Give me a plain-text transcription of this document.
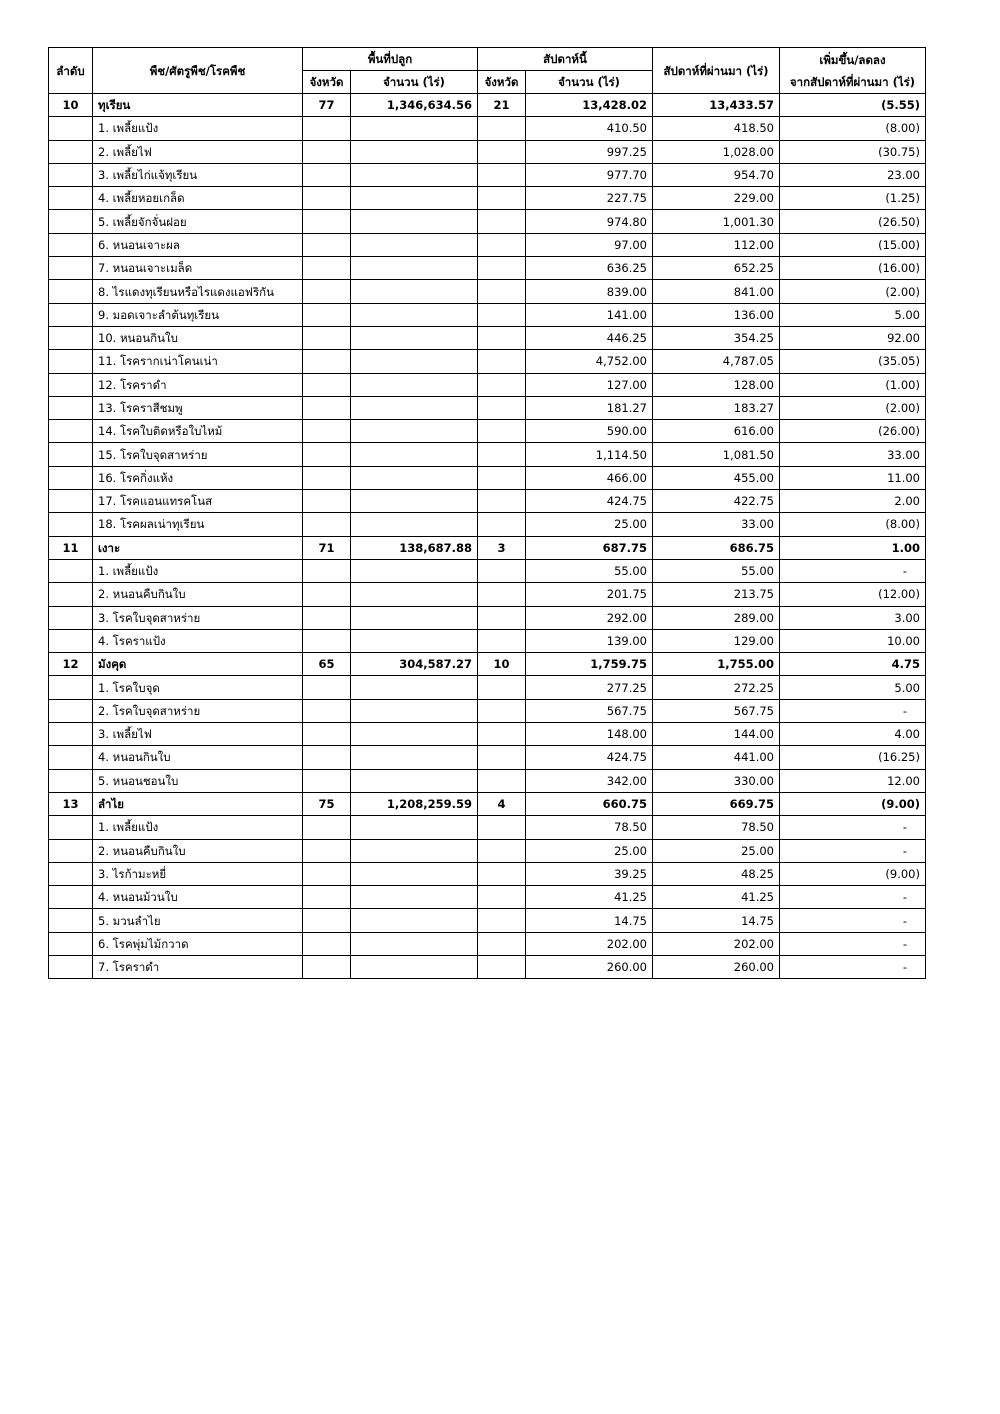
ลำดับ	พืช/ศัตรูพืช/โรคพืช	พื้นที่ปลูก		สัปดาห์นี้		สัปดาห์ที่ผ่านมา (ไร่)	เพิ่มขึ้น/ลดลง
จากสัปดาห์ที่ผ่านมา (ไร่)

		จังหวัด	จำนวน (ไร่)	จังหวัด	จำนวน (ไร่)		
10	ทุเรียน	77	1,346,634.56	21	13,428.02	13,433.57	(5.55)
	1. เพลี้ยแป้ง				410.50	418.50	(8.00)
	2. เพลี้ยไฟ				997.25	1,028.00	(30.75)
	3. เพลี้ยไก่แจ้ทุเรียน				977.70	954.70	23.00
	4. เพลี้ยหอยเกล็ด				227.75	229.00	(1.25)
	5. เพลี้ยจักจั่นฝอย				974.80	1,001.30	(26.50)
	6. หนอนเจาะผล				97.00	112.00	(15.00)
	7. หนอนเจาะเมล็ด				636.25	652.25	(16.00)
	8. ไรแดงทุเรียนหรือไรแดงแอฟริกัน				839.00	841.00	(2.00)
	9. มอดเจาะลำต้นทุเรียน				141.00	136.00	5.00
	10. หนอนกินใบ				446.25	354.25	92.00
	11. โรครากเน่าโคนเน่า				4,752.00	4,787.05	(35.05)
	12. โรคราดำ				127.00	128.00	(1.00)
	13. โรคราสีชมพู				181.27	183.27	(2.00)
	14. โรคใบติดหรือใบไหม้				590.00	616.00	(26.00)
	15. โรคใบจุดสาหร่าย				1,114.50	1,081.50	33.00
	16. โรคกิ่งแห้ง				466.00	455.00	11.00
	17. โรคแอนแทรคโนส				424.75	422.75	2.00
	18. โรคผลเน่าทุเรียน				25.00	33.00	(8.00)
11	เงาะ	71	138,687.88	3	687.75	686.75	1.00
	1. เพลี้ยแป้ง				55.00	55.00	-
	2. หนอนคืบกินใบ				201.75	213.75	(12.00)
	3. โรคใบจุดสาหร่าย				292.00	289.00	3.00
	4. โรคราแป้ง				139.00	129.00	10.00
12	มังคุด	65	304,587.27	10	1,759.75	1,755.00	4.75
	1. โรคใบจุด				277.25	272.25	5.00
	2. โรคใบจุดสาหร่าย				567.75	567.75	-
	3. เพลี้ยไฟ				148.00	144.00	4.00
	4. หนอนกินใบ				424.75	441.00	(16.25)
	5. หนอนชอนใบ				342.00	330.00	12.00
13	ลำไย	75	1,208,259.59	4	660.75	669.75	(9.00)
	1. เพลี้ยแป้ง				78.50	78.50	-
	2. หนอนคืบกินใบ				25.00	25.00	-
	3. ไรก้ามะหยี่				39.25	48.25	(9.00)
	4. หนอนม้วนใบ				41.25	41.25	-
	5. มวนลำไย				14.75	14.75	-
	6. โรคพุ่มไม้กวาด				202.00	202.00	-
	7. โรคราดำ				260.00	260.00	-
